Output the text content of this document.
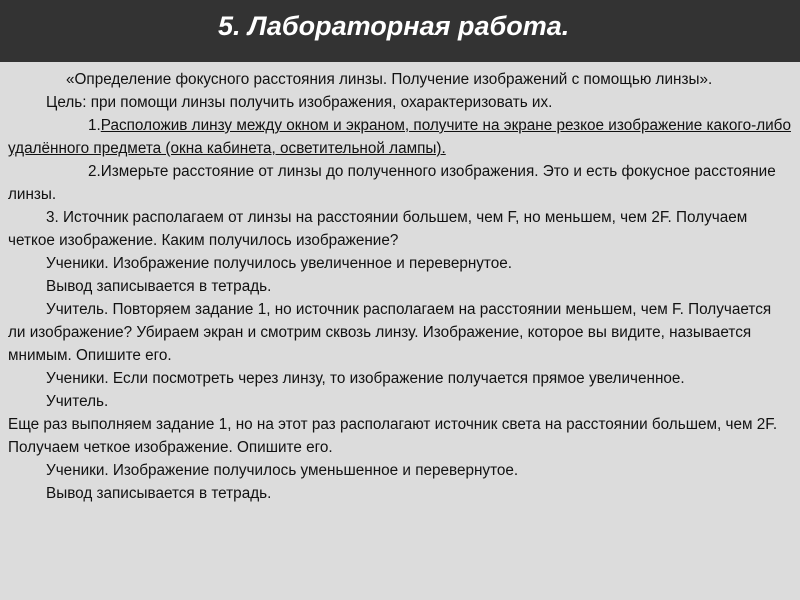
5. Лабораторная работа.

«Определение фокусного расстояния линзы. Получение изображений с помощью линзы».

Цель: при помощи линзы получить изображения, охарактеризовать их.

1.Расположив линзу между окном и экраном, получите на экране резкое изображение какого-либо удалённого предмета (окна кабинета, осветительной лампы).

2.Измерьте расстояние от линзы до полученного изображения. Это и есть фокусное расстояние линзы.

3. Источник располагаем от линзы на расстоянии большем, чем F, но меньшем, чем 2F. Получаем четкое изображение. Каким получилось изображение?

Ученики. Изображение получилось увеличенное и перевернутое.

Вывод записывается в тетрадь.

Учитель. Повторяем задание 1, но источник располагаем на расстоянии меньшем, чем F. Получается ли изображение? Убираем экран и смотрим сквозь линзу. Изображение, которое вы видите, называется мнимым. Опишите его.

Ученики. Если посмотреть через линзу, то изображение получается прямое увеличенное.

Учитель.

Еще раз выполняем задание 1, но на этот раз располагают источник света на расстоянии большем, чем 2F. Получаем четкое изображение. Опишите его.

Ученики. Изображение получилось уменьшенное и перевернутое.

Вывод записывается в тетрадь.
